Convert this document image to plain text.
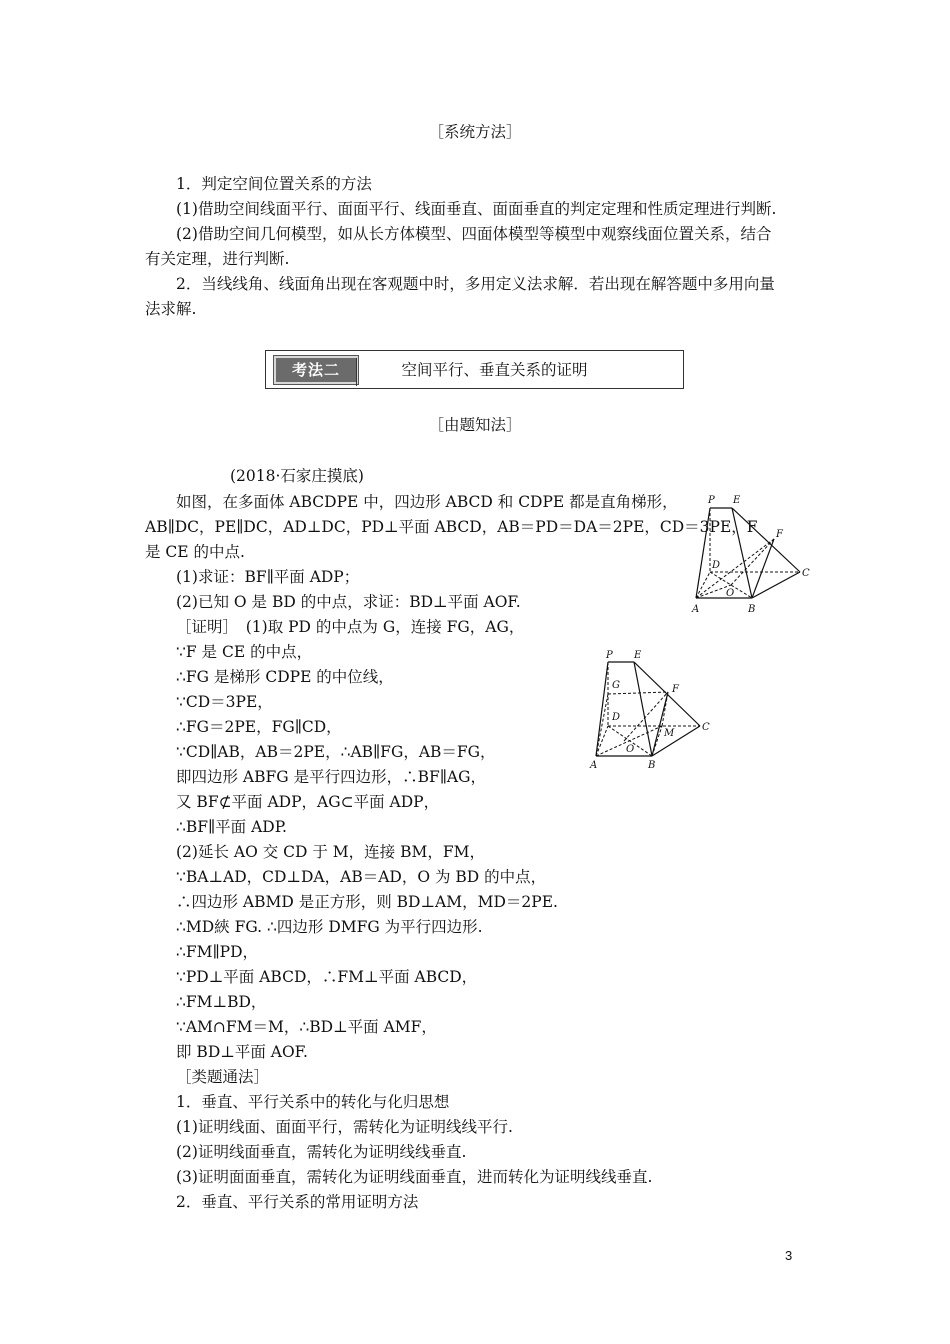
［系统方法］
1．判定空间位置关系的方法
(1)借助空间线面平行、面面平行、线面垂直、面面垂直的判定定理和性质定理进行判断.
(2)借助空间几何模型，如从长方体模型、四面体模型等模型中观察线面位置关系，结合
有关定理，进行判断.
2．当线线角、线面角出现在客观题中时，多用定义法求解．若出现在解答题中多用向量
法求解.
考法二	空间平行、垂直关系的证明
［由题知法］
(2018·石家庄摸底)
如图，在多面体 ABCDPE 中，四边形 ABCD 和 CDPE 都是直角梯形，
AB∥DC，PE∥DC，AD⊥DC，PD⊥平面 ABCD，AB＝PD＝DA＝2PE，CD＝3PE，F
是 CE 的中点.
(1)求证：BF∥平面 ADP；
(2)已知 O 是 BD 的中点，求证：BD⊥平面 AOF.
［证明］　(1)取 PD 的中点为 G，连接 FG，AG，
∵F 是 CE 的中点，
∴FG 是梯形 CDPE 的中位线，
∵CD＝3PE，
∴FG＝2PE，FG∥CD，
∵CD∥AB，AB＝2PE，∴AB∥FG，AB＝FG，
即四边形 ABFG 是平行四边形，∴BF∥AG，
又 BF⊄平面 ADP，AG⊂平面 ADP，
∴BF∥平面 ADP.
(2)延长 AO 交 CD 于 M，连接 BM，FM，
∵BA⊥AD，CD⊥DA，AB＝AD，O 为 BD 的中点，
∴四边形 ABMD 是正方形，则 BD⊥AM，MD＝2PE.
∴MD綊 FG. ∴四边形 DMFG 为平行四边形.
∴FM∥PD，
∵PD⊥平面 ABCD，∴FM⊥平面 ABCD，
∴FM⊥BD，
∵AM∩FM＝M，∴BD⊥平面 AMF，
即 BD⊥平面 AOF.
［类题通法］
1．垂直、平行关系中的转化与化归思想
(1)证明线面、面面平行，需转化为证明线线平行.
(2)证明线面垂直，需转化为证明线线垂直.
(3)证明面面垂直，需转化为证明线面垂直，进而转化为证明线线垂直.
2．垂直、平行关系的常用证明方法
P E
F
D
C
O
A	B
P E
G	F
D
M
C
O
A	B
3
